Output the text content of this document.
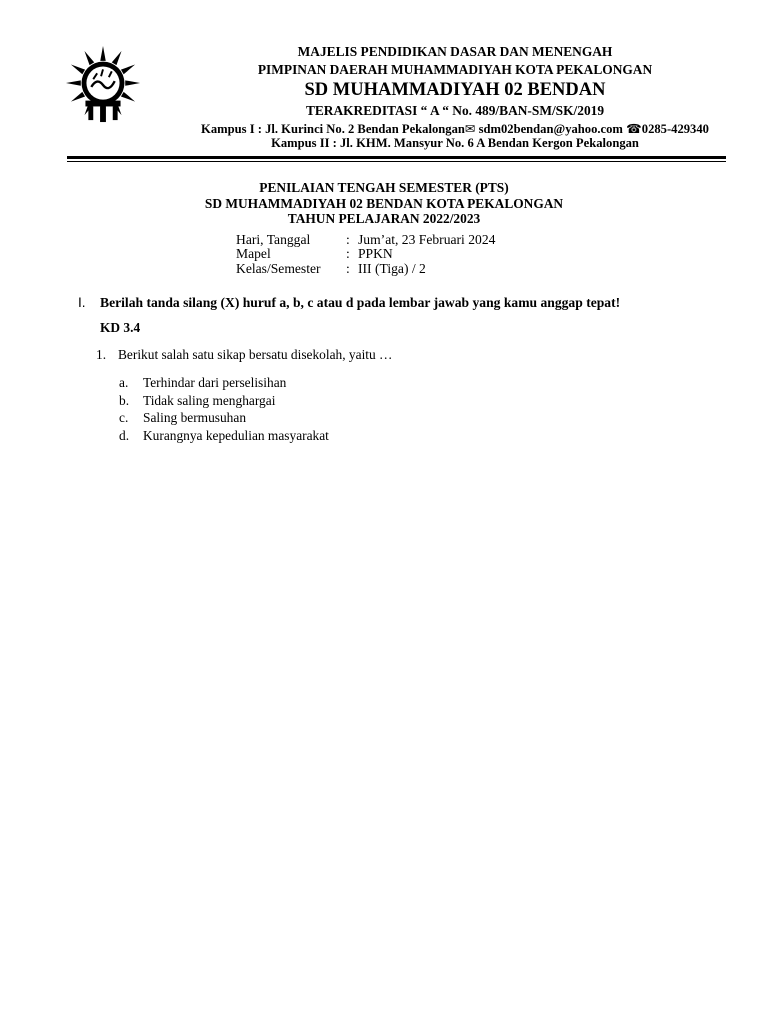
MAJELIS PENDIDIKAN DASAR DAN MENENGAH
PIMPINAN DAERAH MUHAMMADIYAH KOTA PEKALONGAN
SD MUHAMMADIYAH 02 BENDAN
TERAKREDITASI “ A “ No. 489/BAN-SM/SK/2019
Kampus I : Jl. Kurinci No. 2 Bendan Pekalongan✉ sdm02bendan@yahoo.com ☎0285-429340
Kampus II : Jl. KHM. Mansyur No. 6 A Bendan Kergon Pekalongan
PENILAIAN TENGAH SEMESTER (PTS)
SD MUHAMMADIYAH 02 BENDAN KOTA PEKALONGAN
TAHUN PELAJARAN 2022/2023
Hari, Tanggal	: Jum’at, 23 Februari 2024
Mapel	: PPKN
Kelas/Semester : III (Tiga) / 2
I. Berilah tanda silang (X) huruf a, b, c atau d pada lembar jawab yang kamu anggap tepat!
KD 3.4
1. Berikut salah satu sikap bersatu disekolah, yaitu …
a. Terhindar dari perselisihan
b. Tidak saling menghargai
c. Saling bermusuhan
d. Kurangnya kepedulian masyarakat
